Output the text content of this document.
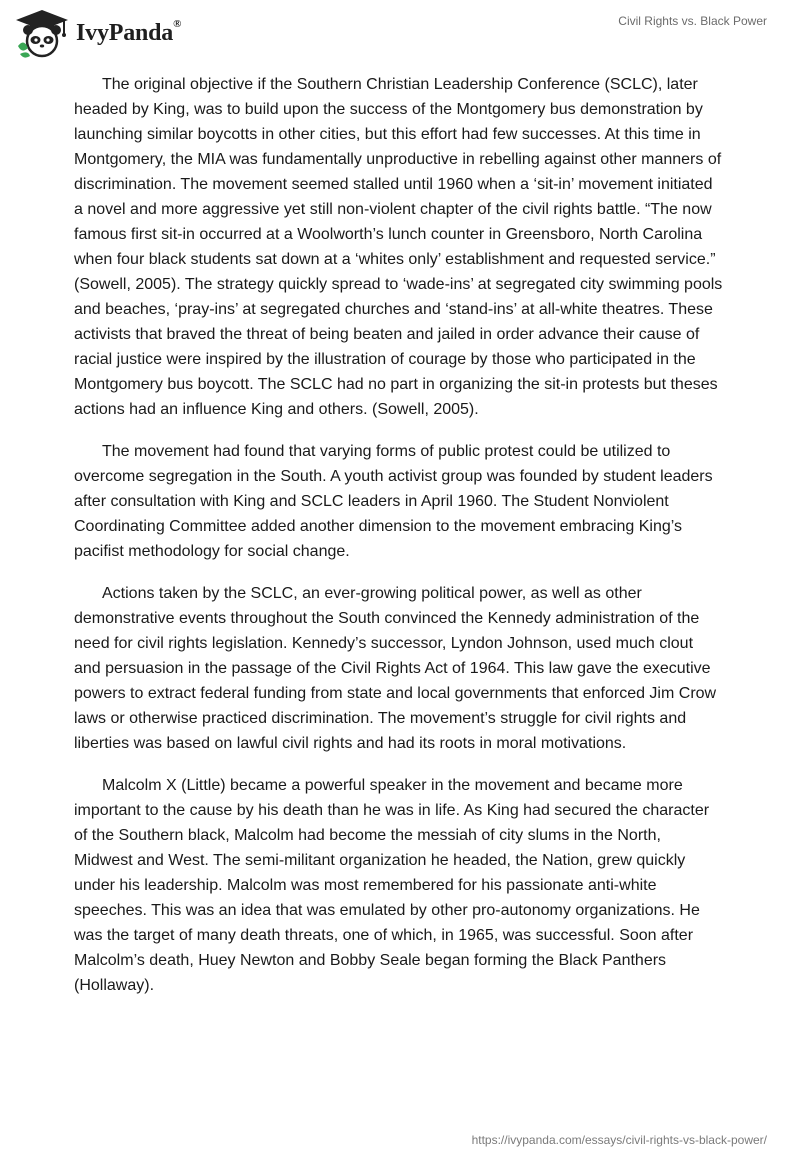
IvyPanda®	Civil Rights vs. Black Power

The original objective if the Southern Christian Leadership Conference (SCLC), later headed by King, was to build upon the success of the Montgomery bus demonstration by launching similar boycotts in other cities, but this effort had few successes. At this time in Montgomery, the MIA was fundamentally unproductive in rebelling against other manners of discrimination. The movement seemed stalled until 1960 when a ‘sit-in’ movement initiated a novel and more aggressive yet still non-violent chapter of the civil rights battle. “The now famous first sit-in occurred at a Woolworth’s lunch counter in Greensboro, North Carolina when four black students sat down at a ‘whites only’ establishment and requested service.” (Sowell, 2005). The strategy quickly spread to ‘wade-ins’ at segregated city swimming pools and beaches, ‘pray-ins’ at segregated churches and ‘stand-ins’ at all-white theatres. These activists that braved the threat of being beaten and jailed in order advance their cause of racial justice were inspired by the illustration of courage by those who participated in the Montgomery bus boycott. The SCLC had no part in organizing the sit-in protests but theses actions had an influence King and others. (Sowell, 2005).

The movement had found that varying forms of public protest could be utilized to overcome segregation in the South. A youth activist group was founded by student leaders after consultation with King and SCLC leaders in April 1960. The Student Nonviolent Coordinating Committee added another dimension to the movement embracing King’s pacifist methodology for social change.

Actions taken by the SCLC, an ever-growing political power, as well as other demonstrative events throughout the South convinced the Kennedy administration of the need for civil rights legislation. Kennedy’s successor, Lyndon Johnson, used much clout and persuasion in the passage of the Civil Rights Act of 1964. This law gave the executive powers to extract federal funding from state and local governments that enforced Jim Crow laws or otherwise practiced discrimination. The movement’s struggle for civil rights and liberties was based on lawful civil rights and had its roots in moral motivations.

Malcolm X (Little) became a powerful speaker in the movement and became more important to the cause by his death than he was in life. As King had secured the character of the Southern black, Malcolm had become the messiah of city slums in the North, Midwest and West. The semi-militant organization he headed, the Nation, grew quickly under his leadership. Malcolm was most remembered for his passionate anti-white speeches. This was an idea that was emulated by other pro-autonomy organizations. He was the target of many death threats, one of which, in 1965, was successful. Soon after Malcolm’s death, Huey Newton and Bobby Seale began forming the Black Panthers (Hollaway).

https://ivypanda.com/essays/civil-rights-vs-black-power/
